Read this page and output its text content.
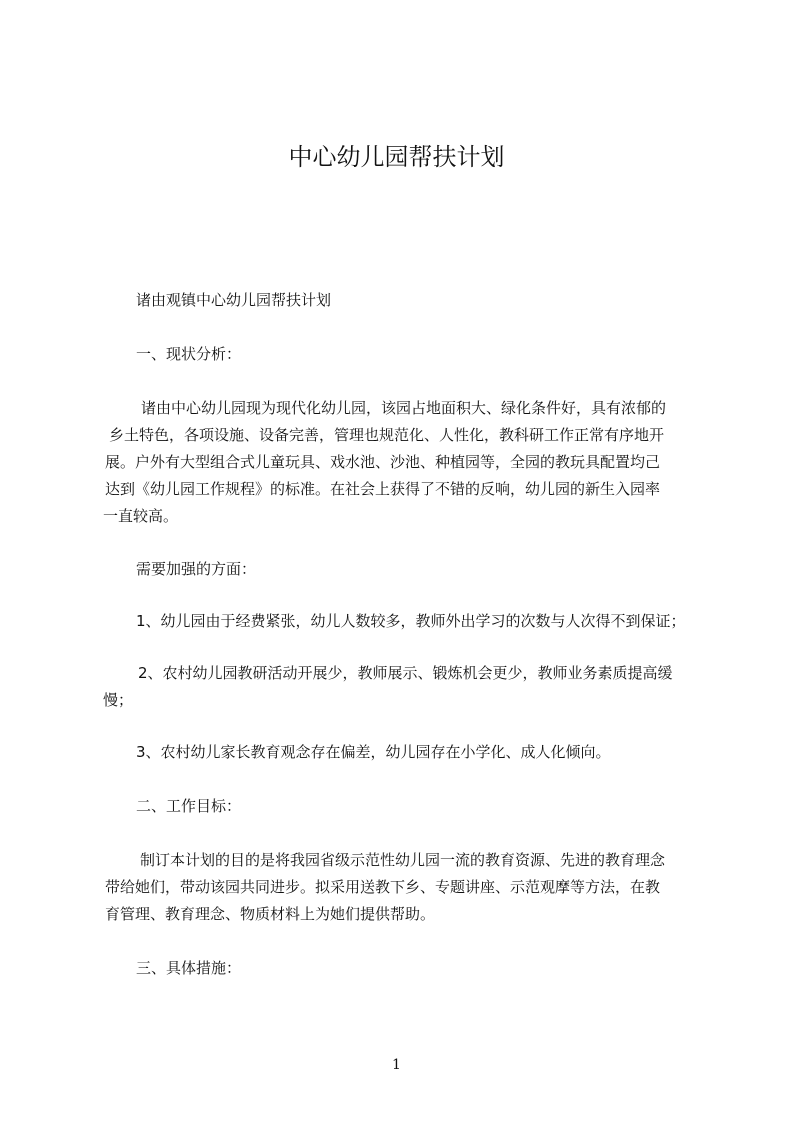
中心幼儿园帮扶计划

诸由观镇中心幼儿园帮扶计划

一、现状分析：

诸由中心幼儿园现为现代化幼儿园，该园占地面积大、绿化条件好，具有浓郁的
乡土特色，各项设施、设备完善，管理也规范化、人性化，教科研工作正常有序地开
展。户外有大型组合式儿童玩具、戏水池、沙池、种植园等，全园的教玩具配置均己
达到《幼儿园工作规程》的标准。在社会上获得了不错的反响，幼儿园的新生入园率
一直较高。

需要加强的方面：

1、幼儿园由于经费紧张，幼儿人数较多，教师外出学习的次数与人次得不到保证；

2、农村幼儿园教研活动开展少，教师展示、锻炼机会更少，教师业务素质提高缓
慢；

3、农村幼儿家长教育观念存在偏差，幼儿园存在小学化、成人化倾向。

二、工作目标：

制订本计划的目的是将我园省级示范性幼儿园一流的教育资源、先进的教育理念
带给她们，带动该园共同进步。拟采用送教下乡、专题讲座、示范观摩等方法，在教
育管理、教育理念、物质材料上为她们提供帮助。

三、具体措施：

1
